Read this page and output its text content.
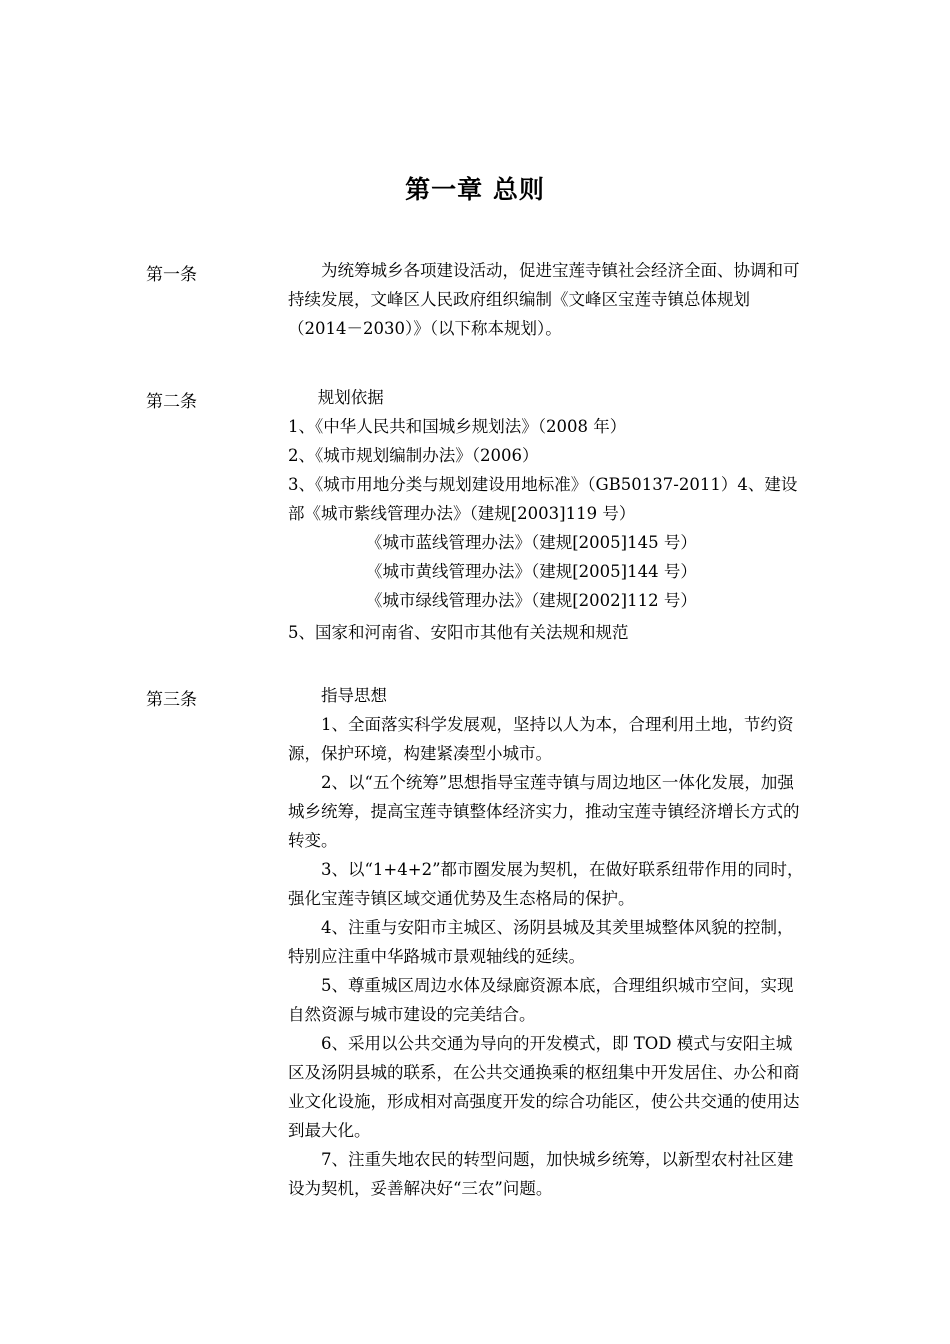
第一章 总则
第一条	为统筹城乡各项建设活动，促进宝莲寺镇社会经济全面、协调和可持续发展，文峰区人民政府组织编制《文峰区宝莲寺镇总体规划（2014－2030）》（以下称本规划）。

第二条	规划依据

1、《中华人民共和国城乡规划法》（2008 年）

2、《城市规划编制办法》（2006）

3、《城市用地分类与规划建设用地标准》（GB50137-2011）4、建设部《城市紫线管理办法》（建规[2003]119 号）

《城市蓝线管理办法》（建规[2005]145 号）

《城市黄线管理办法》（建规[2005]144 号）

《城市绿线管理办法》（建规[2002]112 号）

5、国家和河南省、安阳市其他有关法规和规范

第三条	指导思想

1、全面落实科学发展观，坚持以人为本，合理利用土地，节约资源，保护环境，构建紧凑型小城市。

2、以“五个统筹”思想指导宝莲寺镇与周边地区一体化发展，加强城乡统筹，提高宝莲寺镇整体经济实力，推动宝莲寺镇经济增长方式的转变。

3、以“1+4+2”都市圈发展为契机，在做好联系纽带作用的同时，强化宝莲寺镇区域交通优势及生态格局的保护。

4、注重与安阳市主城区、汤阴县城及其羑里城整体风貌的控制，特别应注重中华路城市景观轴线的延续。

5、尊重城区周边水体及绿廊资源本底，合理组织城市空间，实现自然资源与城市建设的完美结合。

6、采用以公共交通为导向的开发模式，即 TOD 模式与安阳主城区及汤阴县城的联系，在公共交通换乘的枢纽集中开发居住、办公和商业文化设施，形成相对高强度开发的综合功能区，使公共交通的使用达到最大化。

7、注重失地农民的转型问题，加快城乡统筹，以新型农村社区建设为契机，妥善解决好“三农”问题。
